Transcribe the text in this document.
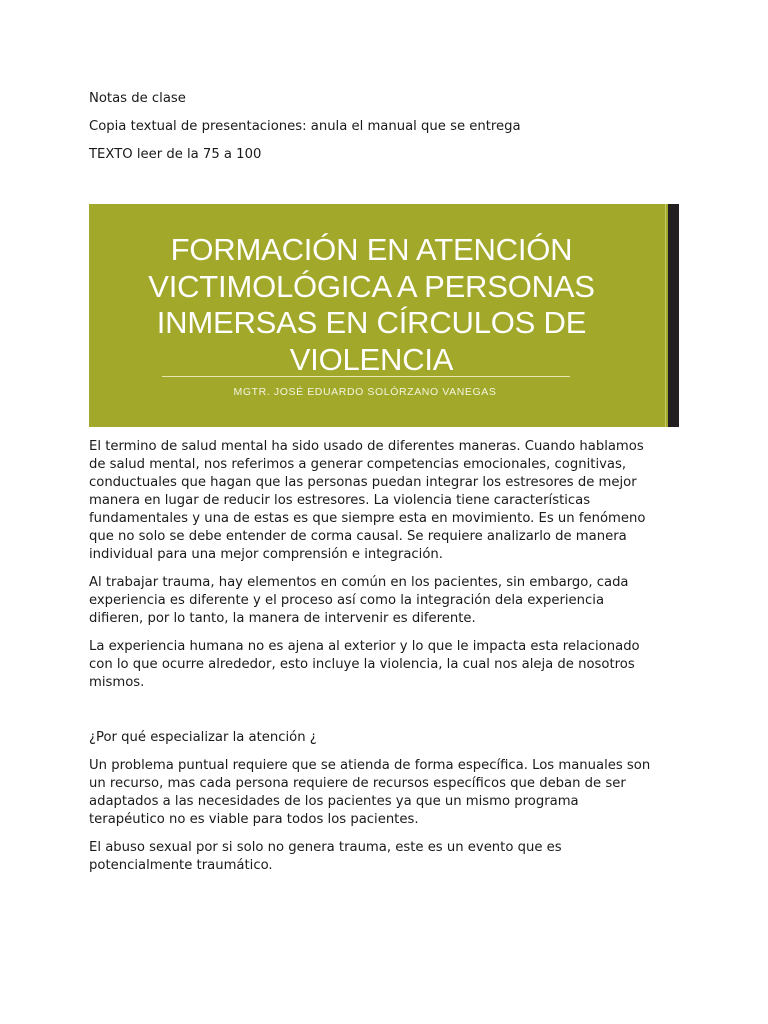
Notas de clase

Copia textual de presentaciones: anula el manual que se entrega

TEXTO leer de la 75 a 100

FORMACIÓN EN ATENCIÓN
VICTIMOLÓGICA A PERSONAS
INMERSAS EN CÍRCULOS DE
VIOLENCIA
MGTR. JOSÉ EDUARDO SOLÓRZANO VANEGAS
El termino de salud mental ha sido usado de diferentes maneras. Cuando hablamos
de salud mental, nos referimos a generar competencias emocionales, cognitivas,
conductuales que hagan que las personas puedan integrar los estresores de mejor
manera en lugar de reducir los estresores. La violencia tiene características
fundamentales y una de estas es que siempre esta en movimiento. Es un fenómeno
que no solo se debe entender de corma causal. Se requiere analizarlo de manera
individual para una mejor comprensión e integración.
Al trabajar trauma, hay elementos en común en los pacientes, sin embargo, cada
experiencia es diferente y el proceso así como la integración dela experiencia
difieren, por lo tanto, la manera de intervenir es diferente.
La experiencia humana no es ajena al exterior y lo que le impacta esta relacionado
con lo que ocurre alrededor, esto incluye la violencia, la cual nos aleja de nosotros
mismos.
¿Por qué especializar la atención ¿
Un problema puntual requiere que se atienda de forma específica. Los manuales son
un recurso, mas cada persona requiere de recursos específicos que deban de ser
adaptados a las necesidades de los pacientes ya que un mismo programa
terapéutico no es viable para todos los pacientes.
El abuso sexual por si solo no genera trauma, este es un evento que es
potencialmente traumático.
